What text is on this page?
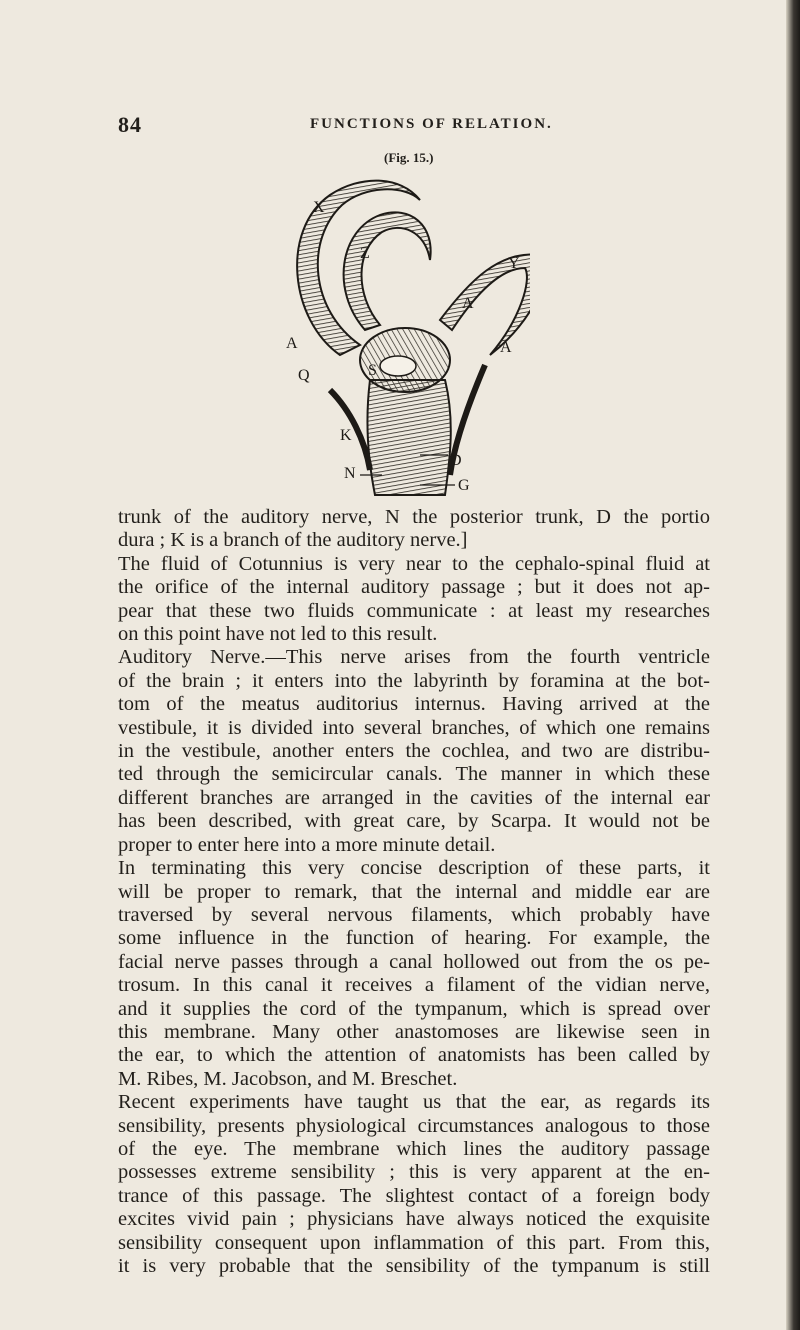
84	FUNCTIONS OF RELATION.
(Fig. 15.)
X
Z
Y
A
A	A
Q	S
K
N
D
G
trunk of the auditory nerve, N the posterior trunk, D the portio
dura ; K is a branch of the auditory nerve.]
The fluid of Cotunnius is very near to the cephalo-spinal fluid at
the orifice of the internal auditory passage ; but it does not ap-
pear that these two fluids communicate : at least my researches
on this point have not led to this result.
Auditory Nerve.—This nerve arises from the fourth ventricle
of the brain ; it enters into the labyrinth by foramina at the bot-
tom of the meatus auditorius internus. Having arrived at the
vestibule, it is divided into several branches, of which one remains
in the vestibule, another enters the cochlea, and two are distribu-
ted through the semicircular canals. The manner in which these
different branches are arranged in the cavities of the internal ear
has been described, with great care, by Scarpa. It would not be
proper to enter here into a more minute detail.
In terminating this very concise description of these parts, it
will be proper to remark, that the internal and middle ear are
traversed by several nervous filaments, which probably have
some influence in the function of hearing. For example, the
facial nerve passes through a canal hollowed out from the os pe-
trosum. In this canal it receives a filament of the vidian nerve,
and it supplies the cord of the tympanum, which is spread over
this membrane. Many other anastomoses are likewise seen in
the ear, to which the attention of anatomists has been called by
M. Ribes, M. Jacobson, and M. Breschet.
Recent experiments have taught us that the ear, as regards its
sensibility, presents physiological circumstances analogous to those
of the eye. The membrane which lines the auditory passage
possesses extreme sensibility ; this is very apparent at the en-
trance of this passage. The slightest contact of a foreign body
excites vivid pain ; physicians have always noticed the exquisite
sensibility consequent upon inflammation of this part. From this,
it is very probable that the sensibility of the tympanum is still
